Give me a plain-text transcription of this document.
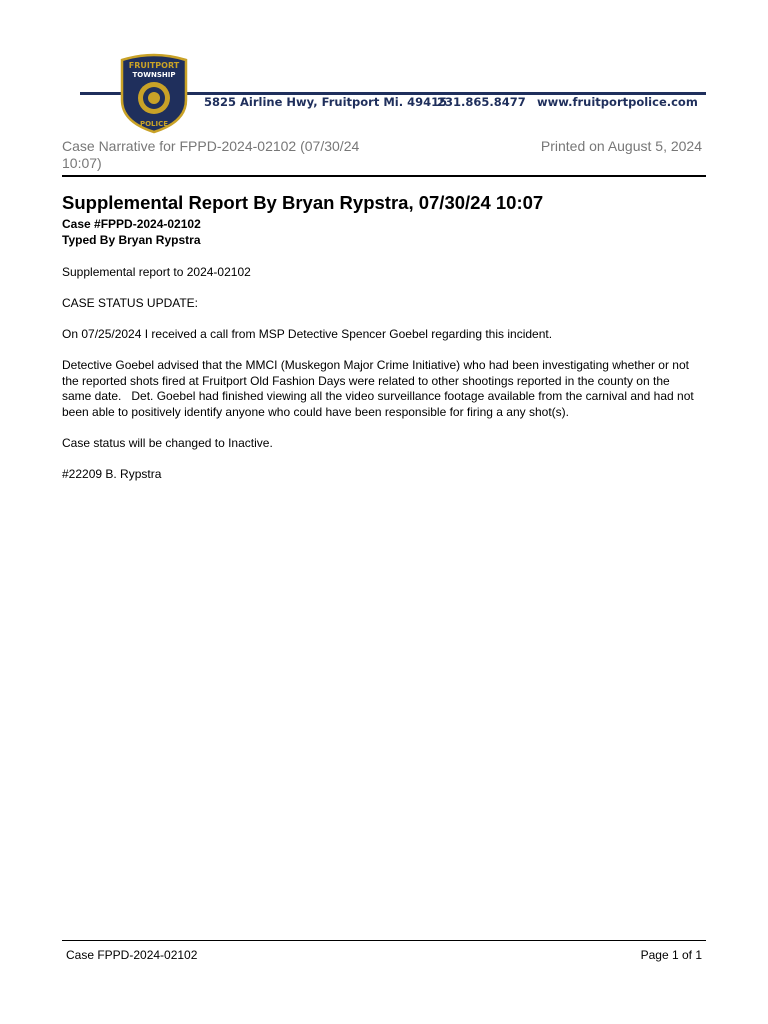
FRUITPORT
TOWNSHIP
POLICE
5825 Airline Hwy, Fruitport Mi. 49415
231.865.8477 www.fruitportpolice.com
Case Narrative for FPPD-2024-02102 (07/30/24
10:07)
Printed on August 5, 2024
Supplemental Report By Bryan Rypstra, 07/30/24 10:07
Case #FPPD-2024-02102
Typed By Bryan Rypstra
Supplemental report to 2024-02102
CASE STATUS UPDATE:
On 07/25/2024 I received a call from MSP Detective Spencer Goebel regarding this incident.
Detective Goebel advised that the MMCI (Muskegon Major Crime Initiative) who had been investigating whether or not
the reported shots fired at Fruitport Old Fashion Days were related to other shootings reported in the county on the
same date.   Det. Goebel had finished viewing all the video surveillance footage available from the carnival and had not
been able to positively identify anyone who could have been responsible for firing a any shot(s).
Case status will be changed to Inactive.
#22209 B. Rypstra
Case FPPD-2024-02102	Page 1 of 1
